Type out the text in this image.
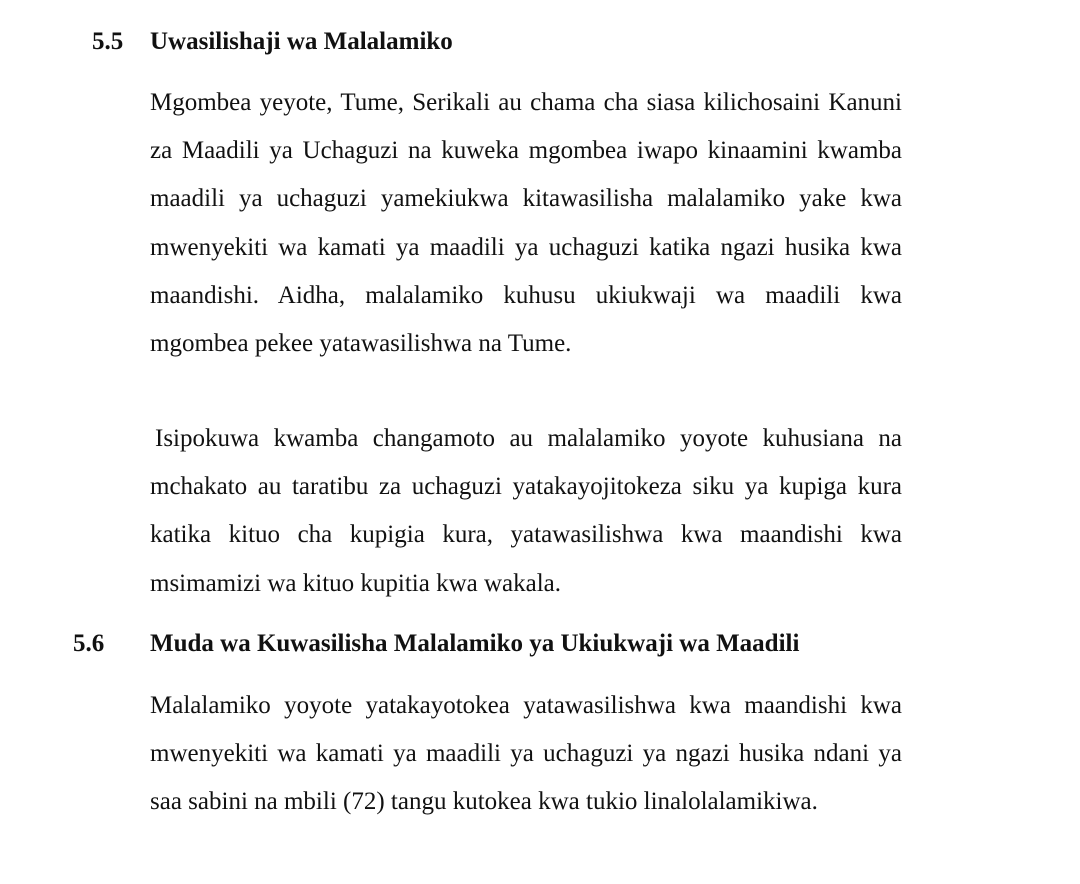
5.5 Uwasilishaji wa Malalamiko
Mgombea yeyote, Tume, Serikali au chama cha siasa kilichosaini Kanuni za Maadili ya Uchaguzi na kuweka mgombea iwapo kinaamini kwamba maadili ya uchaguzi yamekiukwa kitawasilisha malalamiko yake kwa mwenyekiti wa kamati ya maadili ya uchaguzi katika ngazi husika kwa maandishi. Aidha, malalamiko kuhusu ukiukwaji wa maadili kwa mgombea pekee yatawasilishwa na Tume.
Isipokuwa kwamba changamoto au malalamiko yoyote kuhusiana na mchakato au taratibu za uchaguzi yatakayojitokeza siku ya kupiga kura katika kituo cha kupigia kura, yatawasilishwa kwa maandishi kwa msimamizi wa kituo kupitia kwa wakala.
5.6 Muda wa Kuwasilisha Malalamiko ya Ukiukwaji wa Maadili
Malalamiko yoyote yatakayotokea yatawasilishwa kwa maandishi kwa mwenyekiti wa kamati ya maadili ya uchaguzi ya ngazi husika ndani ya saa sabini na mbili (72) tangu kutokea kwa tukio linalolalamikiwa.
